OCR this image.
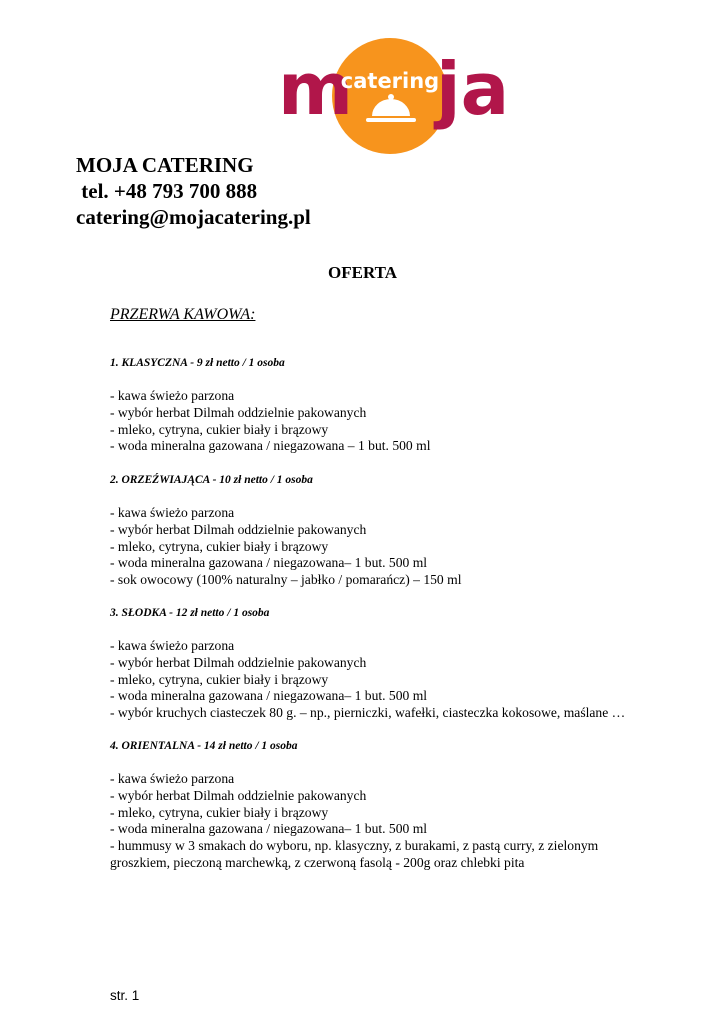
m ja
catering
MOJA CATERING
tel. +48 793 700 888
catering@mojacatering.pl
OFERTA
PRZERWA KAWOWA:
1. KLASYCZNA - 9 zł netto / 1 osoba
- kawa świeżo parzona
- wybór herbat Dilmah oddzielnie pakowanych
- mleko, cytryna, cukier biały i brązowy
- woda mineralna gazowana / niegazowana – 1 but. 500 ml
2. ORZEŹWIAJĄCA - 10 zł netto / 1 osoba
- kawa świeżo parzona
- wybór herbat Dilmah oddzielnie pakowanych
- mleko, cytryna, cukier biały i brązowy
- woda mineralna gazowana / niegazowana– 1 but. 500 ml
- sok owocowy (100% naturalny – jabłko / pomarańcz) – 150 ml
3. SŁODKA - 12 zł netto / 1 osoba
- kawa świeżo parzona
- wybór herbat Dilmah oddzielnie pakowanych
- mleko, cytryna, cukier biały i brązowy
- woda mineralna gazowana / niegazowana– 1 but. 500 ml
- wybór kruchych ciasteczek 80 g. – np., pierniczki, wafełki, ciasteczka kokosowe, maślane …
4. ORIENTALNA - 14 zł netto / 1 osoba
- kawa świeżo parzona
- wybór herbat Dilmah oddzielnie pakowanych
- mleko, cytryna, cukier biały i brązowy
- woda mineralna gazowana / niegazowana– 1 but. 500 ml
- hummusy w 3 smakach do wyboru, np. klasyczny, z burakami, z pastą curry, z zielonym groszkiem, pieczoną marchewką, z czerwoną fasolą - 200g oraz chlebki pita
str. 1
